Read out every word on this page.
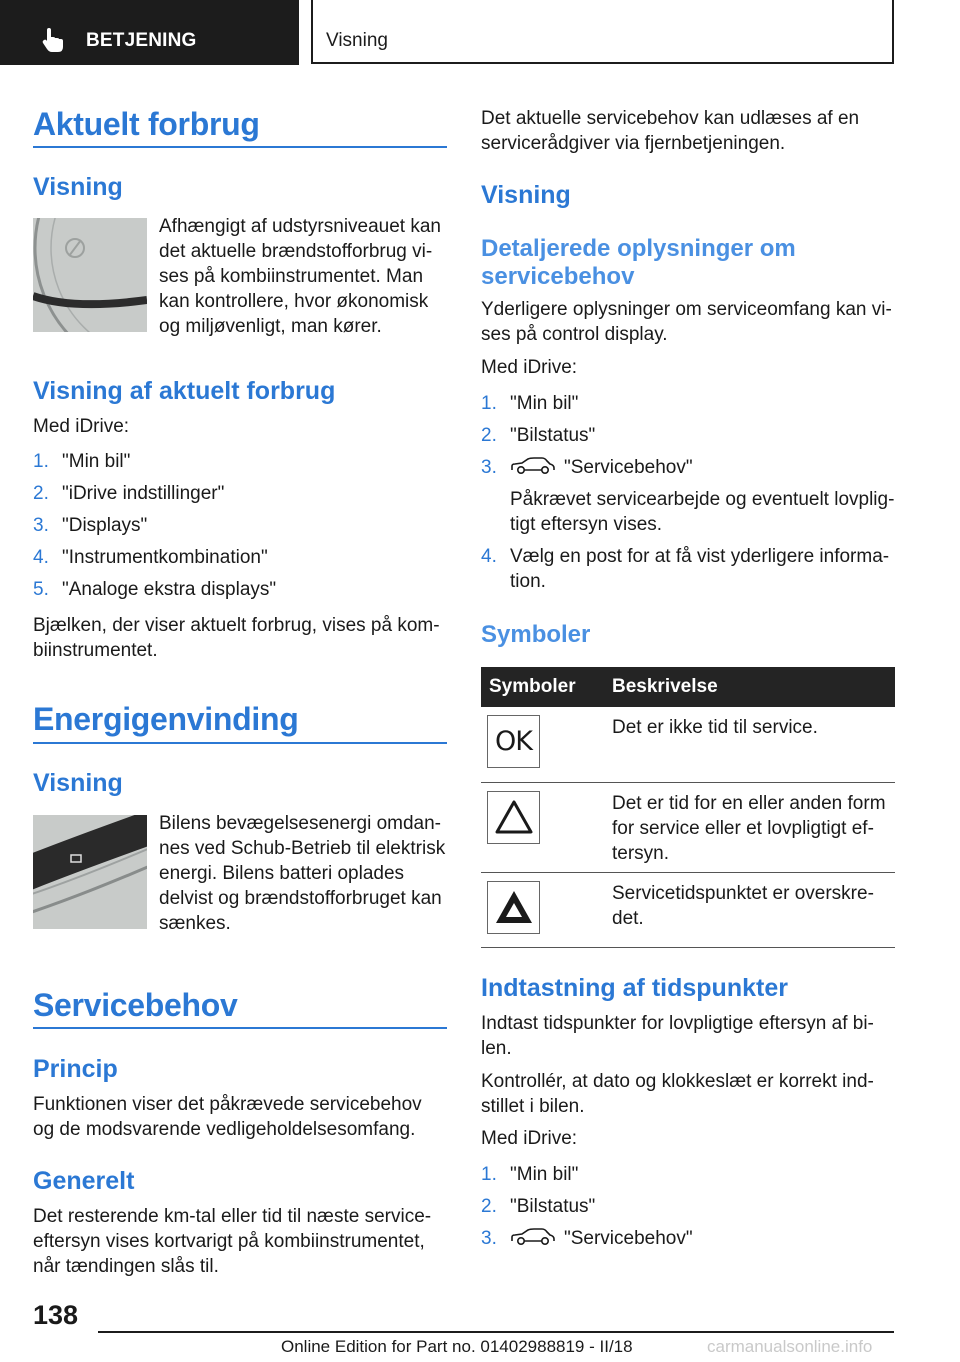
BETJENING	Visning
Aktuelt forbrug
Visning

Afhængigt af udstyrsniveauet kan det aktuelle brændstofforbrug vises på kombiinstrumentet. Man kan kontrollere, hvor økonomisk og miljøvenligt, man kører.

Visning af aktuelt forbrug

Med iDrive:

1. "Min bil"
2. "iDrive indstillinger"
3. "Displays"
4. "Instrumentkombination"
5. "Analoge ekstra displays"

Bjælken, der viser aktuelt forbrug, vises på kombiinstrumentet.

Energigenvinding
Visning

Bilens bevægelsesenergi omdannes ved Schub-Betrieb til elektrisk energi. Bilens batteri oplades delvist og brændstofforbruget kan sænkes.

Servicebehov
Princip

Funktionen viser det påkrævede servicebehov og de modsvarende vedligeholdelsesomfang.

Generelt

Det resterende km-tal eller tid til næste serviceeftersyn vises kortvarigt på kombiinstrumentet, når tændingen slås til.

Det aktuelle servicebehov kan udlæses af en servicerådgiver via fjernbetjeningen.

Visning
Detaljerede oplysninger om servicebehov

Yderligere oplysninger om serviceomfang kan vises på control display.

Med iDrive:

1. "Min bil"
2. "Bilstatus"
3.	"Servicebehov"
Påkrævet servicearbejde og eventuelt lovpligtigt eftersyn vises.
4. Vælg en post for at få vist yderligere information.
Symboler
Symboler	Beskrivelse

OK	Det er ikke tid til service.

	Det er tid for en eller anden form for service eller et lovpligtigt eftersyn.

	Servicetidspunktet er overskredet.
Indtastning af tidspunkter

Indtast tidspunkter for lovpligtige eftersyn af bilen.

Kontrollér, at dato og klokkeslæt er korrekt indstillet i bilen.

Med iDrive:

1. "Min bil"
2. "Bilstatus"
3.	"Servicebehov"
138
Online Edition for Part no. 01402988819 - II/18	carmanualsonline.info
